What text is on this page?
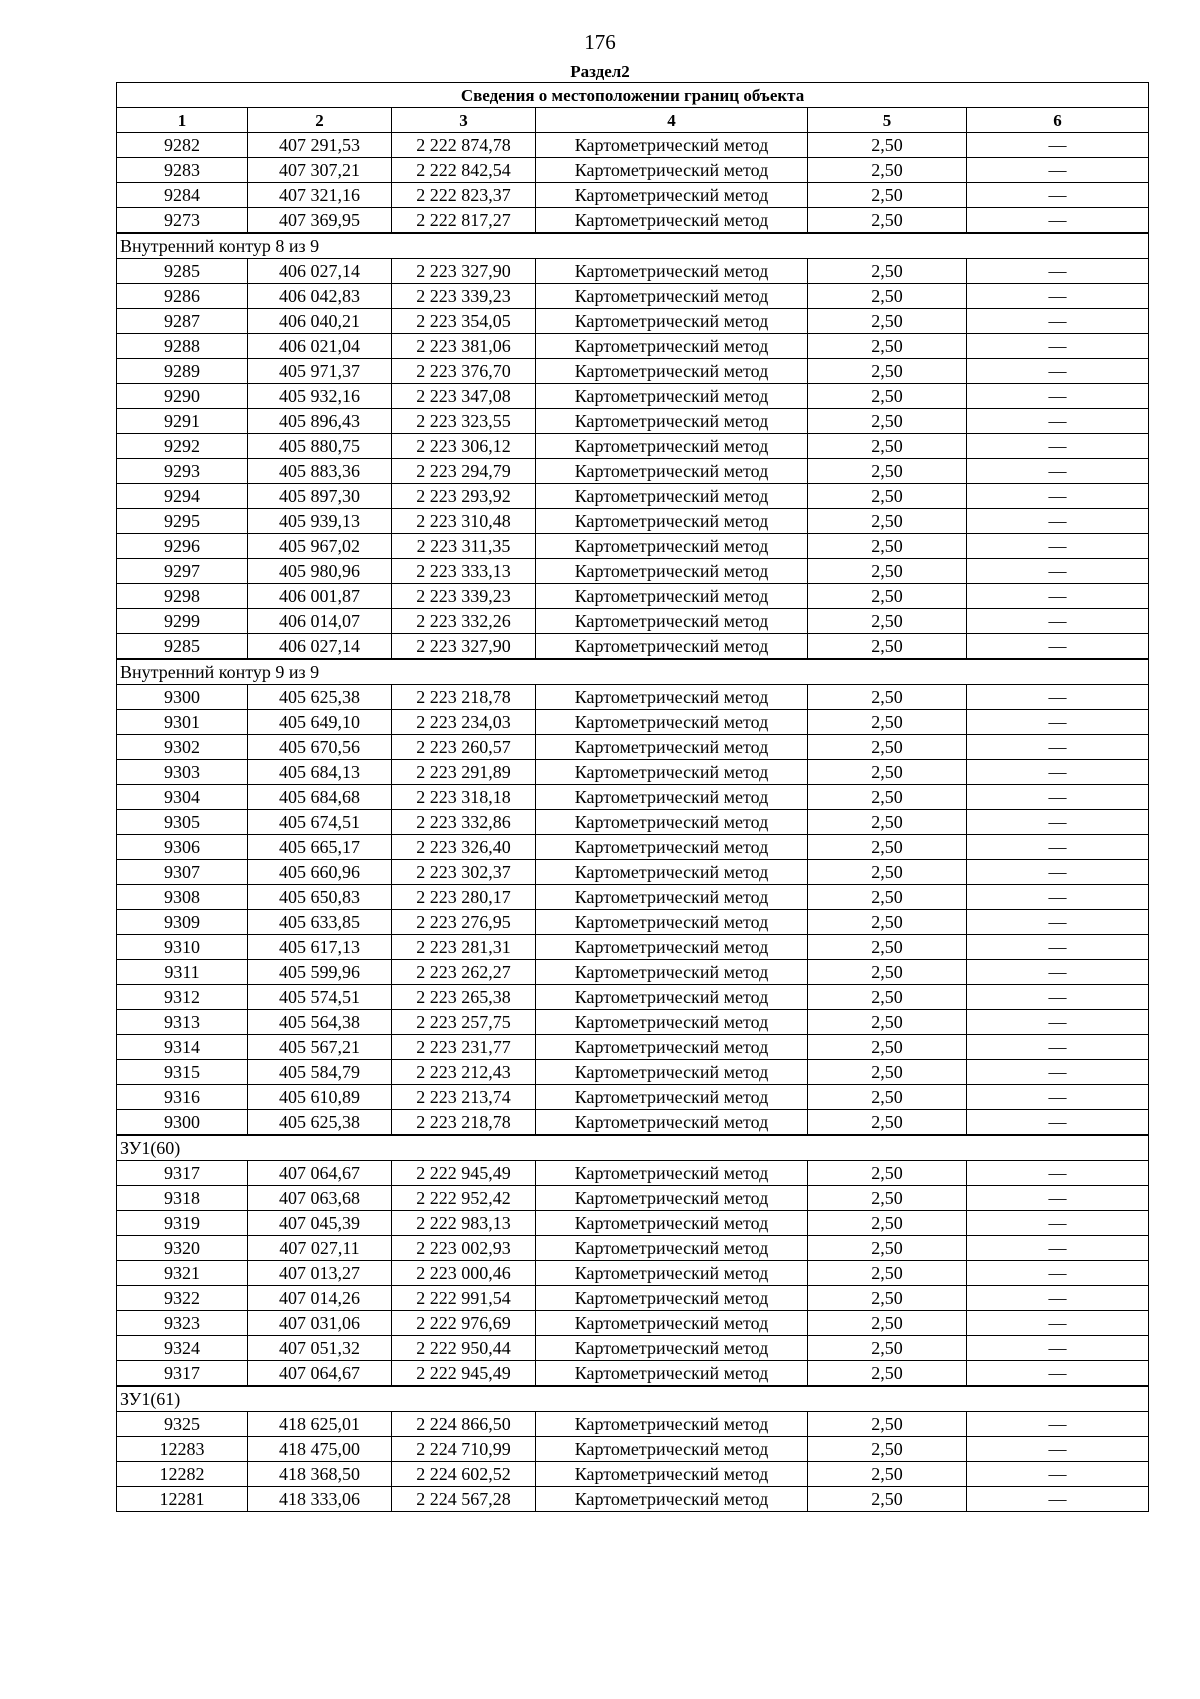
176
Раздел2
Сведения о местоположении границ объекта					
1	2	3	4	5	6
9282	407 291,53	2 222 874,78	Картометрический метод	2,50	—
9283	407 307,21	2 222 842,54	Картометрический метод	2,50	—
9284	407 321,16	2 222 823,37	Картометрический метод	2,50	—
9273	407 369,95	2 222 817,27	Картометрический метод	2,50	—
Внутренний контур 8 из 9					
9285	406 027,14	2 223 327,90	Картометрический метод	2,50	—
9286	406 042,83	2 223 339,23	Картометрический метод	2,50	—
9287	406 040,21	2 223 354,05	Картометрический метод	2,50	—
9288	406 021,04	2 223 381,06	Картометрический метод	2,50	—
9289	405 971,37	2 223 376,70	Картометрический метод	2,50	—
9290	405 932,16	2 223 347,08	Картометрический метод	2,50	—
9291	405 896,43	2 223 323,55	Картометрический метод	2,50	—
9292	405 880,75	2 223 306,12	Картометрический метод	2,50	—
9293	405 883,36	2 223 294,79	Картометрический метод	2,50	—
9294	405 897,30	2 223 293,92	Картометрический метод	2,50	—
9295	405 939,13	2 223 310,48	Картометрический метод	2,50	—
9296	405 967,02	2 223 311,35	Картометрический метод	2,50	—
9297	405 980,96	2 223 333,13	Картометрический метод	2,50	—
9298	406 001,87	2 223 339,23	Картометрический метод	2,50	—
9299	406 014,07	2 223 332,26	Картометрический метод	2,50	—
9285	406 027,14	2 223 327,90	Картометрический метод	2,50	—
Внутренний контур 9 из 9					
9300	405 625,38	2 223 218,78	Картометрический метод	2,50	—
9301	405 649,10	2 223 234,03	Картометрический метод	2,50	—
9302	405 670,56	2 223 260,57	Картометрический метод	2,50	—
9303	405 684,13	2 223 291,89	Картометрический метод	2,50	—
9304	405 684,68	2 223 318,18	Картометрический метод	2,50	—
9305	405 674,51	2 223 332,86	Картометрический метод	2,50	—
9306	405 665,17	2 223 326,40	Картометрический метод	2,50	—
9307	405 660,96	2 223 302,37	Картометрический метод	2,50	—
9308	405 650,83	2 223 280,17	Картометрический метод	2,50	—
9309	405 633,85	2 223 276,95	Картометрический метод	2,50	—
9310	405 617,13	2 223 281,31	Картометрический метод	2,50	—
9311	405 599,96	2 223 262,27	Картометрический метод	2,50	—
9312	405 574,51	2 223 265,38	Картометрический метод	2,50	—
9313	405 564,38	2 223 257,75	Картометрический метод	2,50	—
9314	405 567,21	2 223 231,77	Картометрический метод	2,50	—
9315	405 584,79	2 223 212,43	Картометрический метод	2,50	—
9316	405 610,89	2 223 213,74	Картометрический метод	2,50	—
9300	405 625,38	2 223 218,78	Картометрический метод	2,50	—
ЗУ1(60)					
9317	407 064,67	2 222 945,49	Картометрический метод	2,50	—
9318	407 063,68	2 222 952,42	Картометрический метод	2,50	—
9319	407 045,39	2 222 983,13	Картометрический метод	2,50	—
9320	407 027,11	2 223 002,93	Картометрический метод	2,50	—
9321	407 013,27	2 223 000,46	Картометрический метод	2,50	—
9322	407 014,26	2 222 991,54	Картометрический метод	2,50	—
9323	407 031,06	2 222 976,69	Картометрический метод	2,50	—
9324	407 051,32	2 222 950,44	Картометрический метод	2,50	—
9317	407 064,67	2 222 945,49	Картометрический метод	2,50	—
ЗУ1(61)					
9325	418 625,01	2 224 866,50	Картометрический метод	2,50	—
12283	418 475,00	2 224 710,99	Картометрический метод	2,50	—
12282	418 368,50	2 224 602,52	Картометрический метод	2,50	—
12281	418 333,06	2 224 567,28	Картометрический метод	2,50	—
